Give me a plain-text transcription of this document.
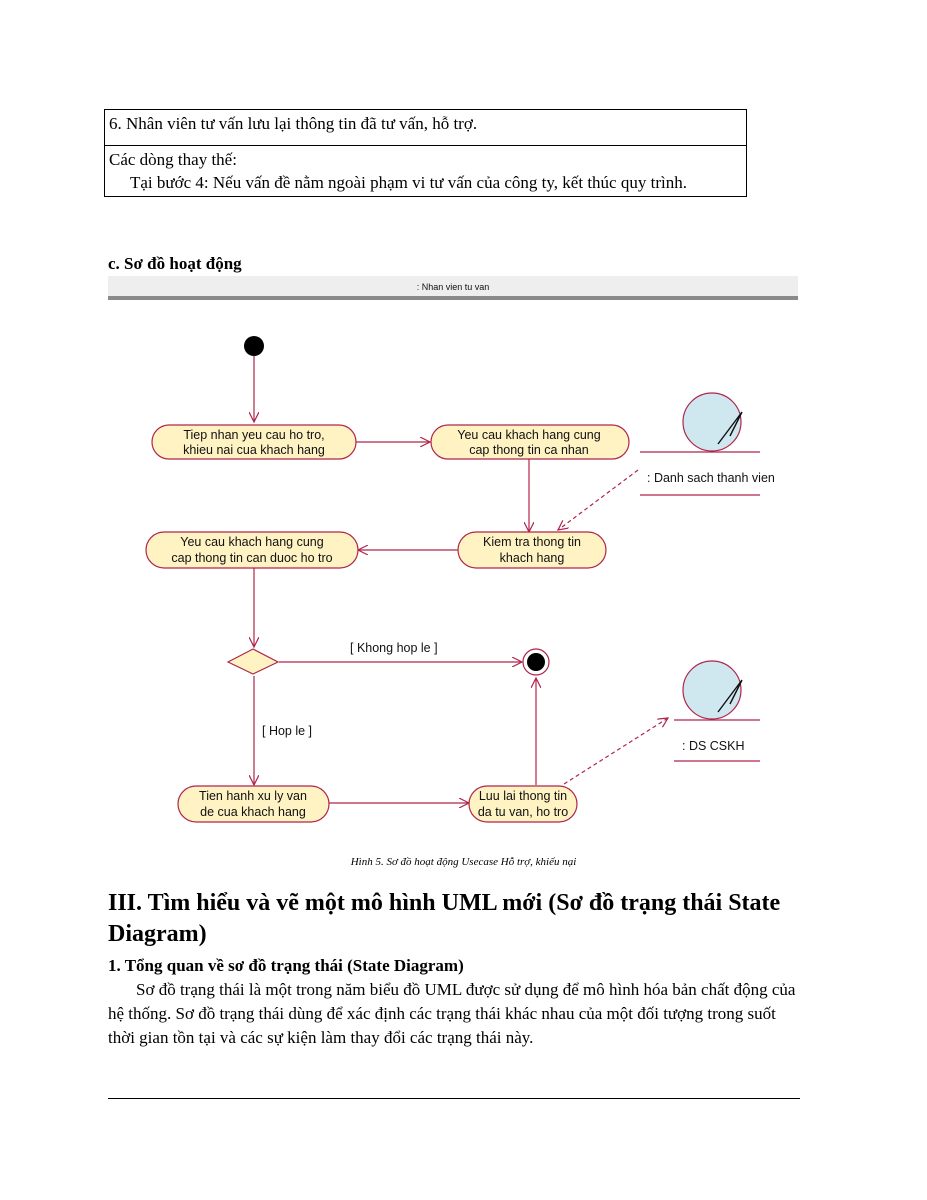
6. Nhân viên tư vấn lưu lại thông tin đã tư vấn, hỗ trợ.
Các dòng thay thế:
Tại bước 4: Nếu vấn đề nằm ngoài phạm vi tư vấn của công ty, kết thúc quy trình.
c. Sơ đồ hoạt động
: Nhan vien tu van
Tiep nhan yeu cau ho tro,
khieu nai cua khach hang
Yeu cau khach hang cung
cap thong tin ca nhan
Kiem tra thong tin
khach hang
Yeu cau khach hang cung
cap thong tin can duoc ho tro
Tien hanh xu ly van
de cua khach hang
Luu lai thong tin
da tu van, ho tro
[ Khong hop le ]
[ Hop le ]
: Danh sach thanh vien
: DS CSKH
Hình 5. Sơ đồ hoạt động Usecase Hỗ trợ, khiếu nại
III. Tìm hiểu và vẽ một mô hình UML mới (Sơ đồ trạng thái State Diagram)
1. Tổng quan về sơ đồ trạng thái (State Diagram)
Sơ đồ trạng thái là một trong năm biểu đồ UML được sử dụng để mô hình hóa bản chất động của hệ thống. Sơ đồ trạng thái dùng để xác định các trạng thái khác nhau của một đối tượng trong suốt thời gian tồn tại và các sự kiện làm thay đổi các trạng thái này.
